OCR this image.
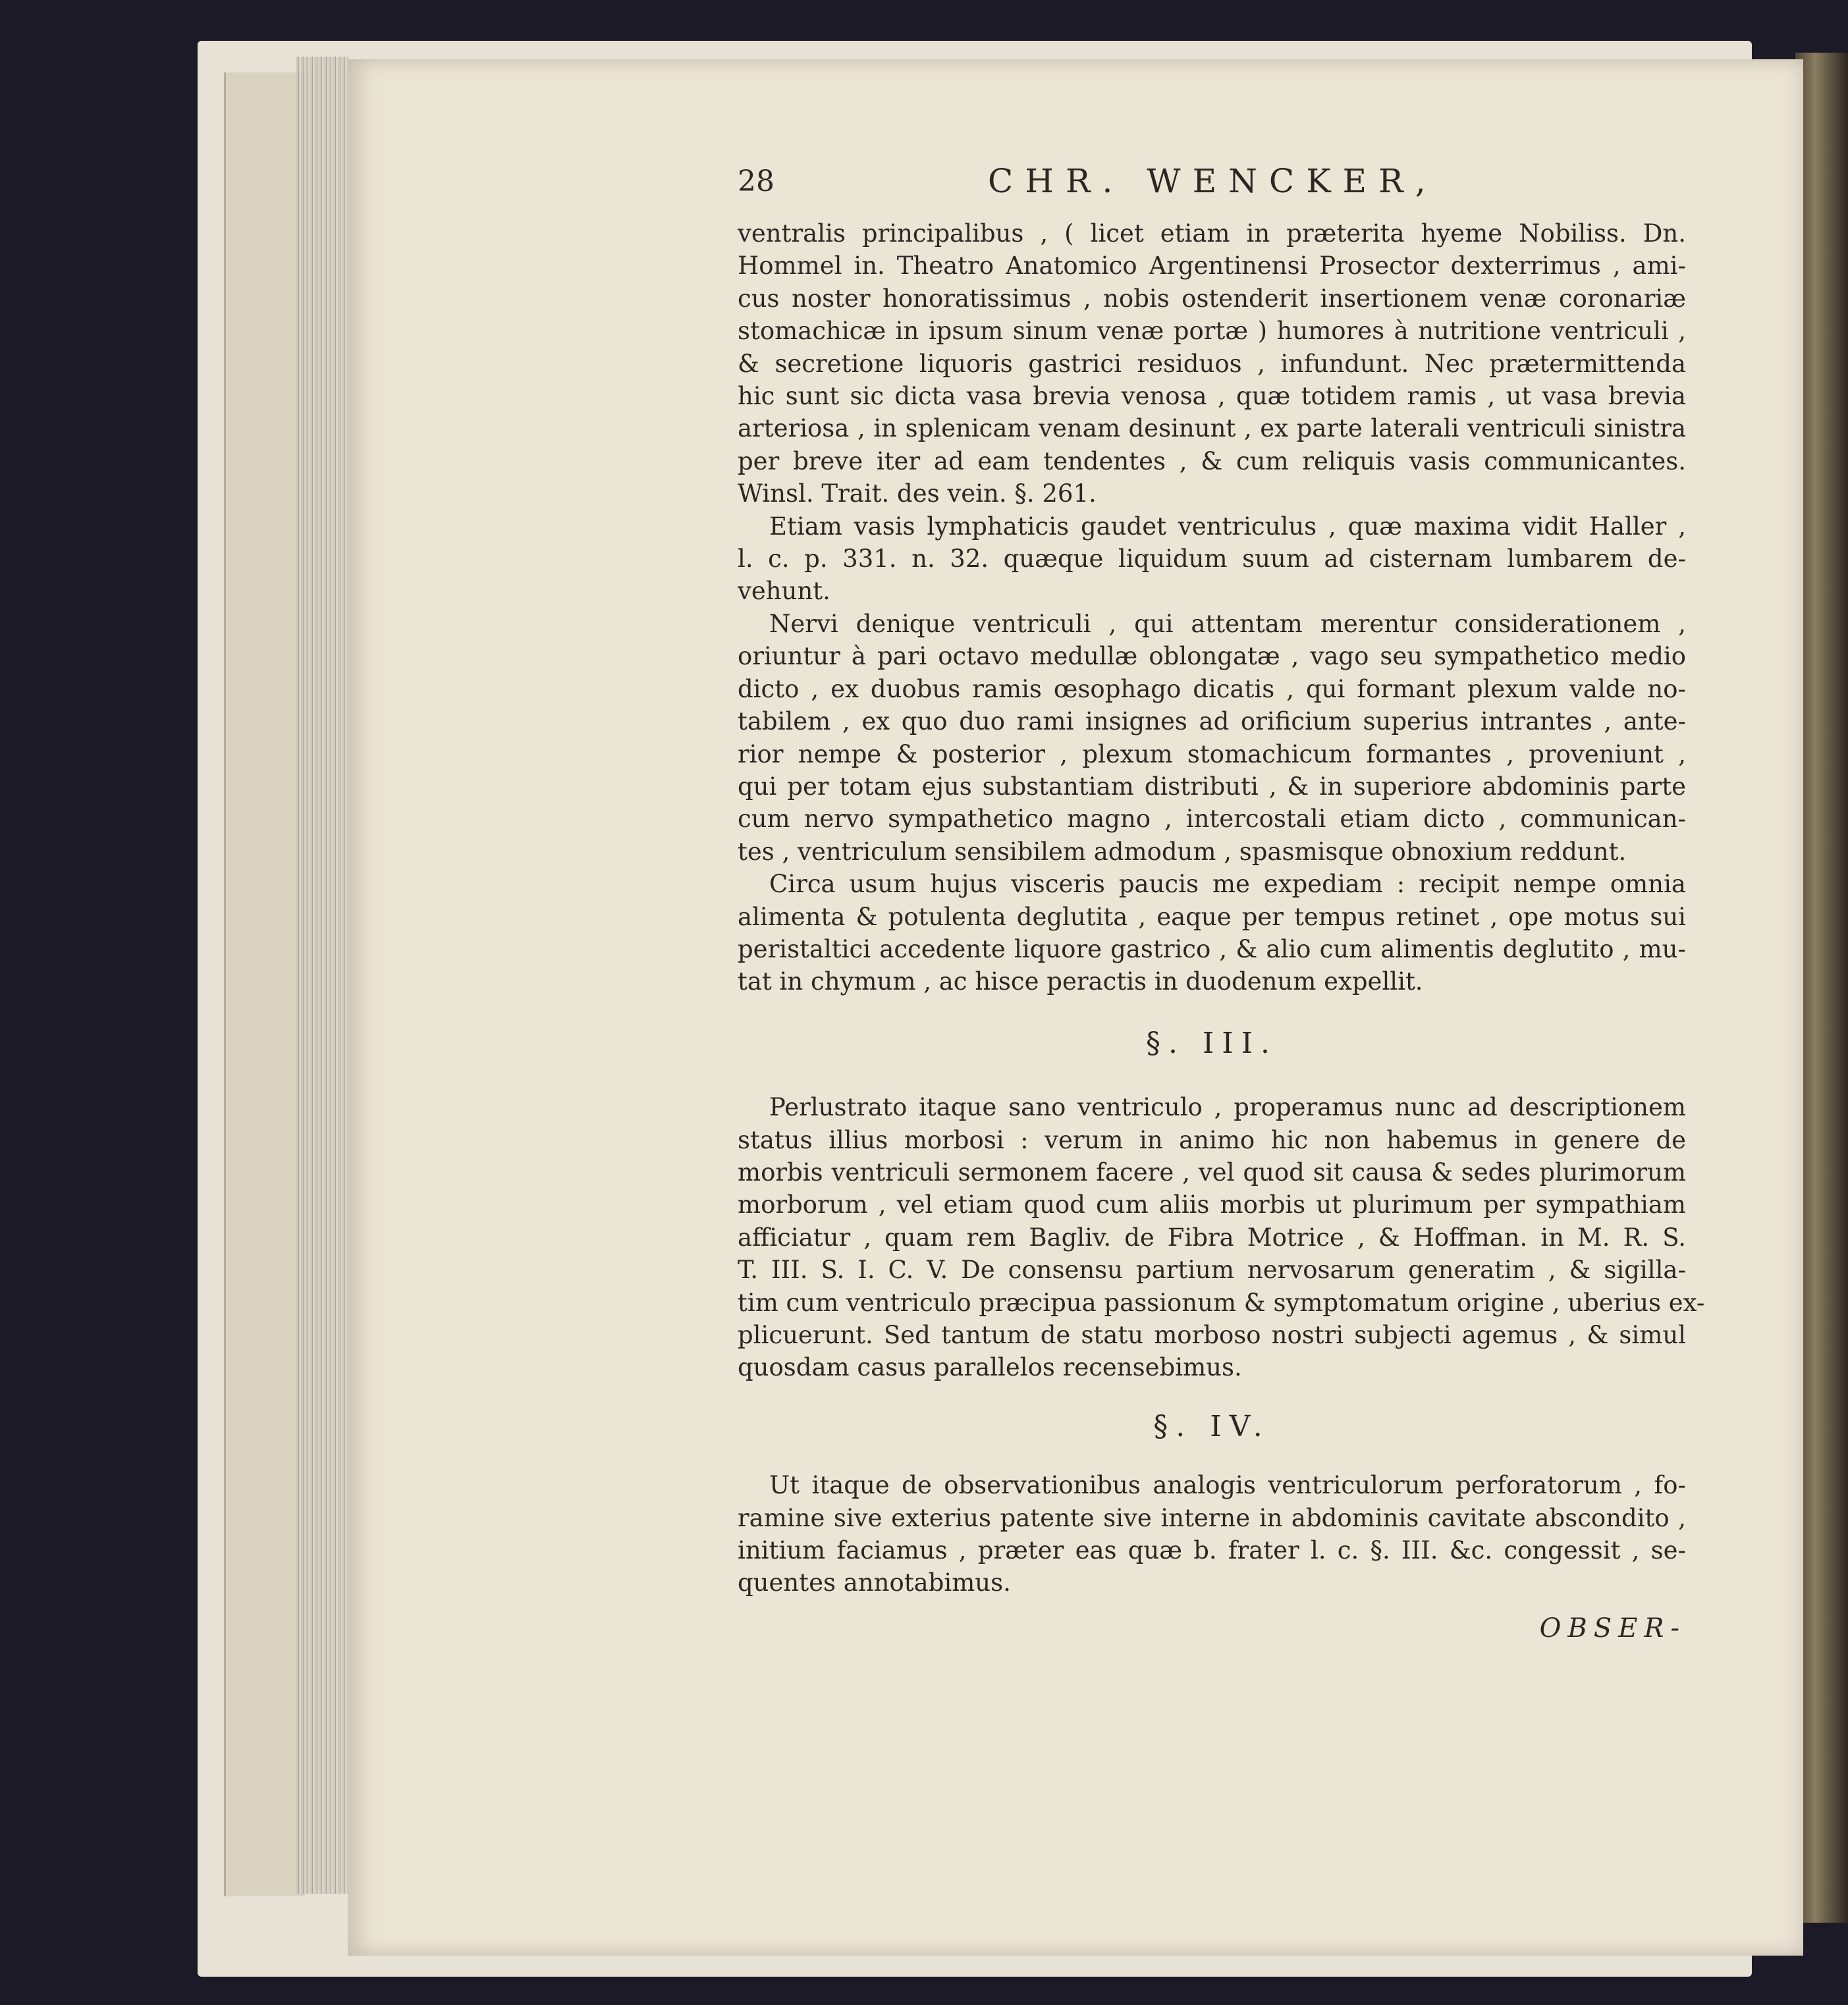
28	CHR. WENCKER,
ventralis principalibus , ( licet etiam in præterita hyeme Nobiliss. Dn.
Hommel in. Theatro Anatomico Argentinensi Prosector dexterrimus , ami-
cus noster honoratissimus , nobis ostenderit insertionem venæ coronariæ
stomachicæ in ipsum sinum venæ portæ ) humores à nutritione ventriculi ,
& secretione liquoris gastrici residuos , infundunt. Nec prætermittenda
hic sunt sic dicta vasa brevia venosa , quæ totidem ramis , ut vasa brevia
arteriosa , in splenicam venam desinunt , ex parte laterali ventriculi sinistra
per breve iter ad eam tendentes , & cum reliquis vasis communicantes.
Winsl. Trait. des vein. §. 261.
Etiam vasis lymphaticis gaudet ventriculus , quæ maxima vidit Haller ,
l. c. p. 331. n. 32. quæque liquidum suum ad cisternam lumbarem de-
vehunt.
Nervi denique ventriculi , qui attentam merentur considerationem ,
oriuntur à pari octavo medullæ oblongatæ , vago seu sympathetico medio
dicto , ex duobus ramis œsophago dicatis , qui formant plexum valde no-
tabilem , ex quo duo rami insignes ad orificium superius intrantes , ante-
rior nempe & posterior , plexum stomachicum formantes , proveniunt ,
qui per totam ejus substantiam distributi , & in superiore abdominis parte
cum nervo sympathetico magno , intercostali etiam dicto , communican-
tes , ventriculum sensibilem admodum , spasmisque obnoxium reddunt.
Circa usum hujus visceris paucis me expediam : recipit nempe omnia
alimenta & potulenta deglutita , eaque per tempus retinet , ope motus sui
peristaltici accedente liquore gastrico , & alio cum alimentis deglutito , mu-
tat in chymum , ac hisce peractis in duodenum expellit.
§. III.
Perlustrato itaque sano ventriculo , properamus nunc ad descriptionem
status illius morbosi : verum in animo hic non habemus in genere de
morbis ventriculi sermonem facere , vel quod sit causa & sedes plurimorum
morborum , vel etiam quod cum aliis morbis ut plurimum per sympathiam
afficiatur , quam rem Bagliv. de Fibra Motrice , & Hoffman. in M. R. S.
T. III. S. I. C. V. De consensu partium nervosarum generatim , & sigilla-
tim cum ventriculo præcipua passionum & symptomatum origine , uberius ex-
plicuerunt. Sed tantum de statu morboso nostri subjecti agemus , & simul
quosdam casus parallelos recensebimus.
§. IV.
Ut itaque de observationibus analogis ventriculorum perforatorum , fo-
ramine sive exterius patente sive interne in abdominis cavitate abscondito ,
initium faciamus , præter eas quæ b. frater l. c. §. III. &c. congessit , se-
quentes annotabimus.
OBSER-
